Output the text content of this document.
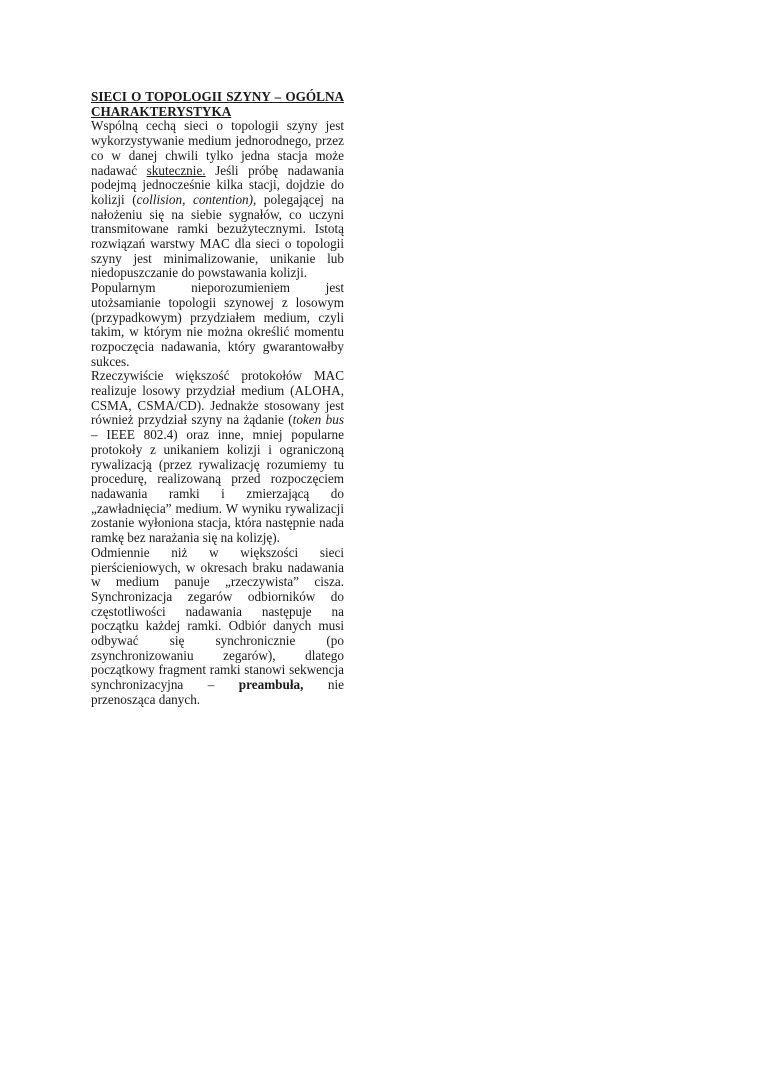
SIECI O TOPOLOGII SZYNY – OGÓLNA CHARAKTERYSTYKA

Wspólną cechą sieci o topologii szyny jest wykorzystywanie medium jednorodnego, przez co w danej chwili tylko jedna stacja może nadawać skutecznie. Jeśli próbę nadawania podejmą jednocześnie kilka stacji, dojdzie do kolizji (collision, contention), polegającej na nałożeniu się na siebie sygnałów, co uczyni transmitowane ramki bezużytecznymi. Istotą rozwiązań warstwy MAC dla sieci o topologii szyny jest minimalizowanie, unikanie lub niedopuszczanie do powstawania kolizji.

Popularnym nieporozumieniem jest utożsamianie topologii szynowej z losowym (przypadkowym) przydziałem medium, czyli takim, w którym nie można określić momentu rozpoczęcia nadawania, który gwarantowałby sukces.

Rzeczywiście większość protokołów MAC realizuje losowy przydział medium (ALOHA, CSMA, CSMA/CD). Jednakże stosowany jest również przydział szyny na żądanie (token bus – IEEE 802.4) oraz inne, mniej popularne protokoły z unikaniem kolizji i ograniczoną rywalizacją (przez rywalizację rozumiemy tu procedurę, realizowaną przed rozpoczęciem nadawania ramki i zmierzającą do „zawładnięcia” medium. W wyniku rywalizacji zostanie wyłoniona stacja, która następnie nada ramkę bez narażania się na kolizję).

Odmiennie niż w większości sieci pierścieniowych, w okresach braku nadawania w medium panuje „rzeczywista” cisza. Synchronizacja zegarów odbiorników do częstotliwości nadawania następuje na początku każdej ramki. Odbiór danych musi odbywać się synchronicznie (po zsynchronizowaniu zegarów), dlatego początkowy fragment ramki stanowi sekwencja synchronizacyjna – preambuła, nie przenosząca danych.
